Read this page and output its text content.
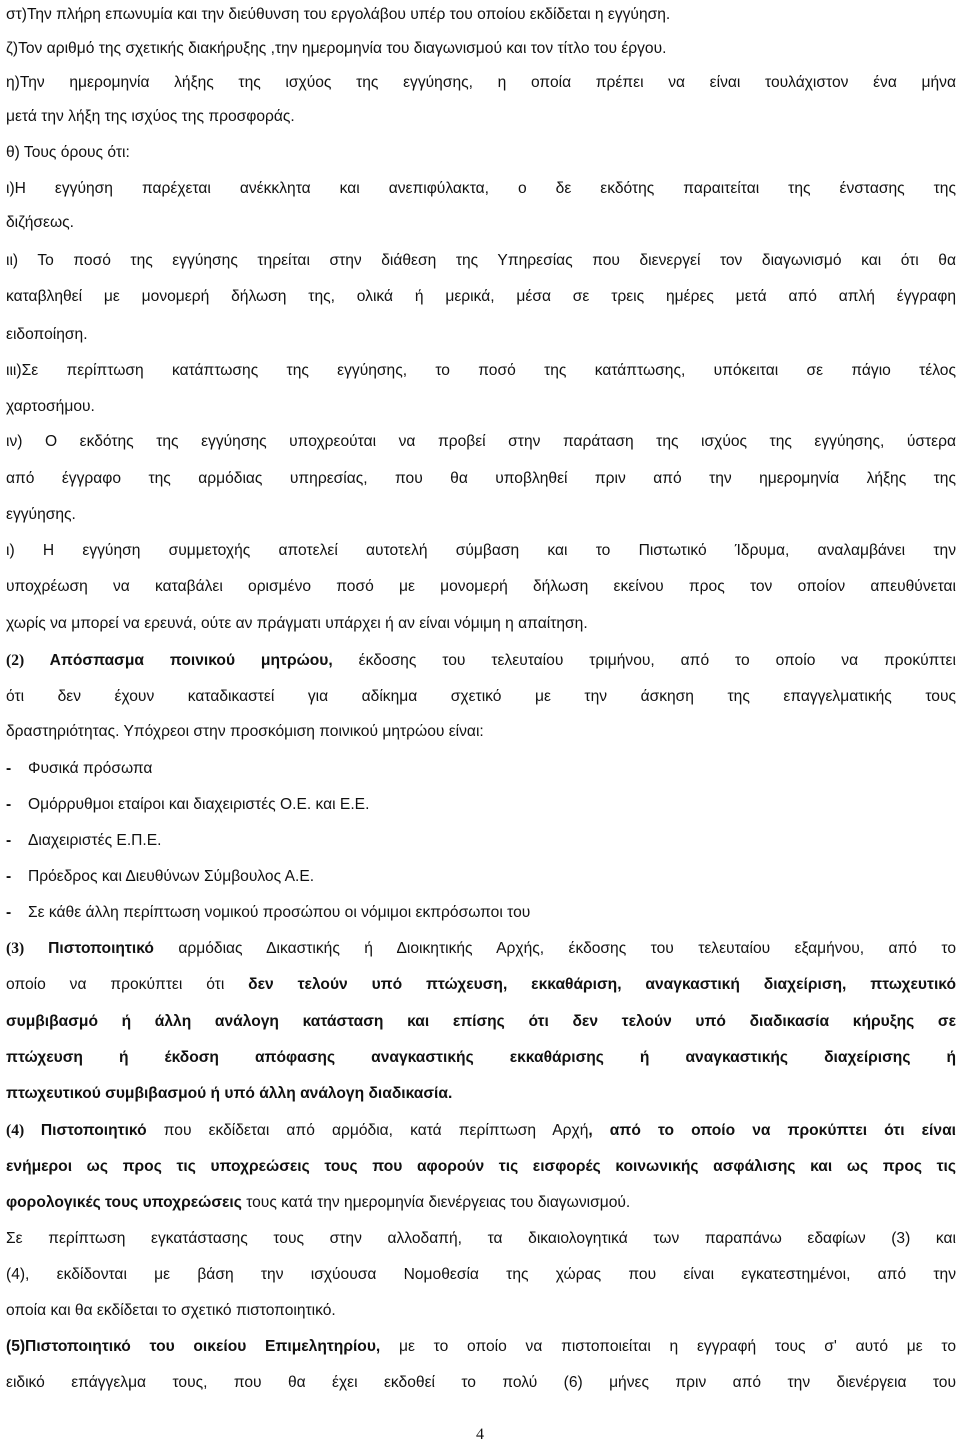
στ)Την πλήρη επωνυμία και την διεύθυνση του εργολάβου υπέρ του οποίου εκδίδεται η εγγύηση.
ζ)Τον αριθμό της σχετικής διακήρυξης ,την ημερομηνία του διαγωνισμού και τον τίτλο του έργου.
η)Την ημερομηνία λήξης της ισχύος της εγγύησης, η οποία πρέπει να είναι τουλάχιστον ένα μήνα
μετά την λήξη της ισχύος της προσφοράς.
θ) Τους όρους ότι:
ι)Η εγγύηση παρέχεται ανέκκλητα και ανεπιφύλακτα, ο δε εκδότης παραιτείται της ένστασης της
διζήσεως.
ιι) Το ποσό της εγγύησης τηρείται στην διάθεση της Υπηρεσίας που διενεργεί τον διαγωνισμό και ότι θα
καταβληθεί με μονομερή δήλωση της, ολικά ή μερικά, μέσα σε τρεις ημέρες μετά από απλή έγγραφη
ειδοποίηση.
ιιι)Σε περίπτωση κατάπτωσης της εγγύησης, το ποσό της κατάπτωσης, υπόκειται σε πάγιο τέλος
χαρτοσήμου.
ιν) Ο εκδότης της εγγύησης υποχρεούται να προβεί στην παράταση της ισχύος της εγγύησης, ύστερα
από έγγραφο της αρμόδιας υπηρεσίας, που θα υποβληθεί πριν από την ημερομηνία λήξης της
εγγύησης.
ι) Η εγγύηση συμμετοχής αποτελεί αυτοτελή σύμβαση και το Πιστωτικό Ίδρυμα, αναλαμβάνει την
υποχρέωση να καταβάλει ορισμένο ποσό με μονομερή δήλωση εκείνου προς τον οποίον απευθύνεται
χωρίς να μπορεί να ερευνά, ούτε αν πράγματι υπάρχει ή αν είναι νόμιμη η απαίτηση.
(2) Απόσπασμα ποινικού μητρώου, έκδοσης του τελευταίου τριμήνου, από το οποίο να προκύπτει
ότι δεν έχουν καταδικαστεί για αδίκημα σχετικό με την άσκηση της επαγγελματικής τους
δραστηριότητας. Υπόχρεοι στην προσκόμιση ποινικού μητρώου είναι:
- Φυσικά πρόσωπα
- Ομόρρυθμοι εταίροι και διαχειριστές Ο.Ε. και Ε.Ε.
- Διαχειριστές Ε.Π.Ε.
- Πρόεδρος και Διευθύνων Σύμβουλος Α.Ε.
- Σε κάθε άλλη περίπτωση νομικού προσώπου οι νόμιμοι εκπρόσωποι του
(3) Πιστοποιητικό αρμόδιας Δικαστικής ή Διοικητικής Αρχής, έκδοσης του τελευταίου εξαμήνου, από το
οποίο να προκύπτει ότι δεν τελούν υπό πτώχευση, εκκαθάριση, αναγκαστική διαχείριση, πτωχευτικό
συμβιβασμό ή άλλη ανάλογη κατάσταση και επίσης ότι δεν τελούν υπό διαδικασία κήρυξης σε
πτώχευση ή έκδοση απόφασης αναγκαστικής εκκαθάρισης ή αναγκαστικής διαχείρισης ή
πτωχευτικού συμβιβασμού ή υπό άλλη ανάλογη διαδικασία.
(4) Πιστοποιητικό που εκδίδεται από αρμόδια, κατά περίπτωση Αρχή, από το οποίο να προκύπτει ότι είναι
ενήμεροι ως προς τις υποχρεώσεις τους που αφορούν τις εισφορές κοινωνικής ασφάλισης και ως προς τις
φορολογικές τους υποχρεώσεις τους κατά την ημερομηνία διενέργειας του διαγωνισμού.
Σε περίπτωση εγκατάστασης τους στην αλλοδαπή, τα δικαιολογητικά των παραπάνω εδαφίων (3) και
(4), εκδίδονται με βάση την ισχύουσα Νομοθεσία της χώρας που είναι εγκατεστημένοι, από την
οποία και θα εκδίδεται το σχετικό πιστοποιητικό.
(5)Πιστοποιητικό του οικείου Επιμελητηρίου, με το οποίο να πιστοποιείται η εγγραφή τους σ' αυτό με το
ειδικό επάγγελμα τους, που θα έχει εκδοθεί το πολύ (6) μήνες πριν από την διενέργεια του
4
